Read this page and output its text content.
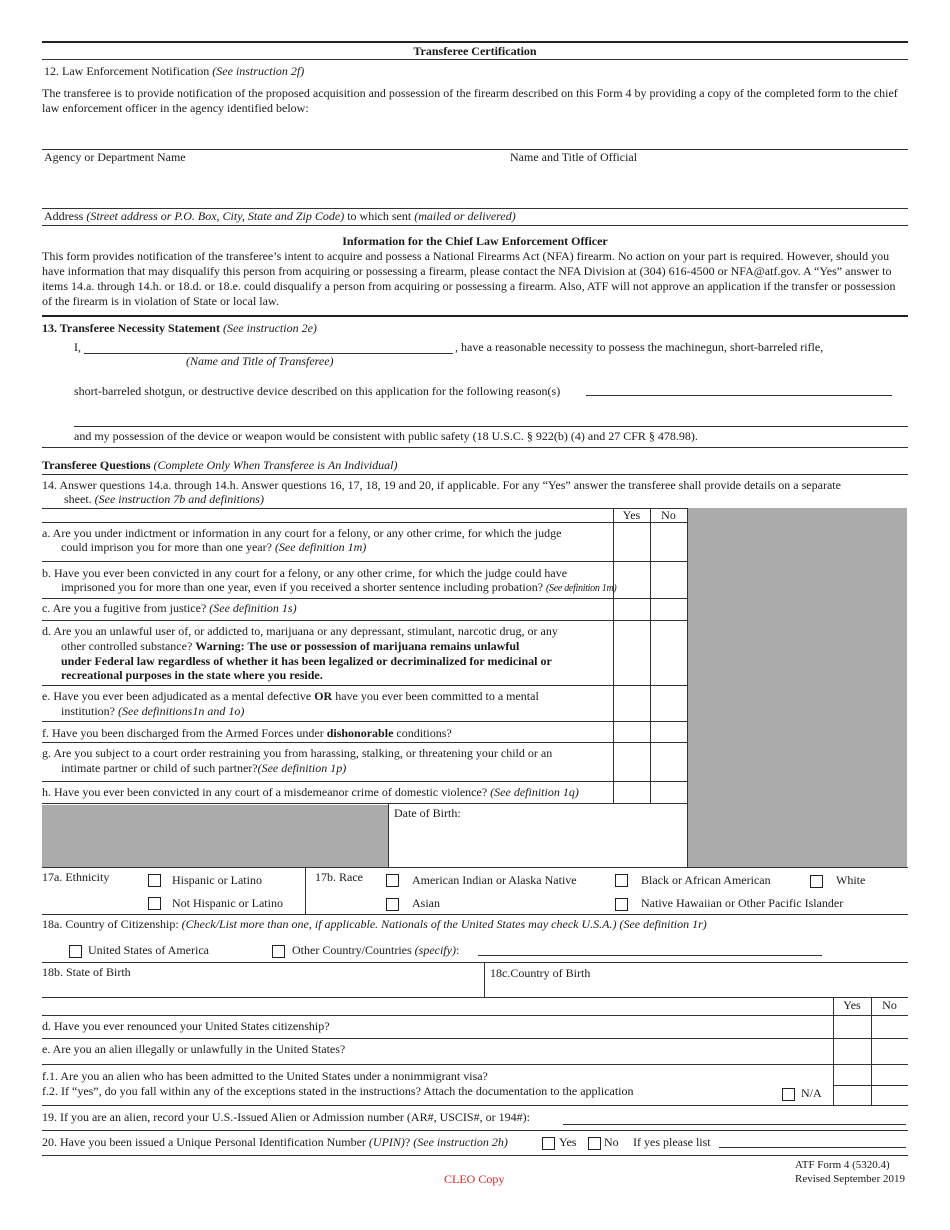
Transferee Certification
12. Law Enforcement Notification (See instruction 2f)
The transferee is to provide notification of the proposed acquisition and possession of the firearm described on this Form 4 by providing a copy of the completed form to the chief law enforcement officer in the agency identified below:
Agency or Department Name	Name and Title of Official
Address (Street address or P.O. Box, City, State and Zip Code) to which sent (mailed or delivered)
Information for the Chief Law Enforcement Officer
This form provides notification of the transferee’s intent to acquire and possess a National Firearms Act (NFA) firearm. No action on your part is required. However, should you have information that may disqualify this person from acquiring or possessing a firearm, please contact the NFA Division at (304) 616-4500 or NFA@atf.gov. A “Yes” answer to items 14.a. through 14.h. or 18.d. or 18.e. could disqualify a person from acquiring or possessing a firearm. Also, ATF will not approve an application if the transfer or possession of the firearm is in violation of State or local law.
13. Transferee Necessity Statement (See instruction 2e)
I,	, have a reasonable necessity to possess the machinegun, short-barreled rifle,
(Name and Title of Transferee)
short-barreled shotgun, or destructive device described on this application for the following reason(s)
and my possession of the device or weapon would be consistent with public safety (18 U.S.C. § 922(b) (4) and 27 CFR § 478.98).
Transferee Questions (Complete Only When Transferee is An Individual)
14. Answer questions 14.a. through 14.h. Answer questions 16, 17, 18, 19 and 20, if applicable. For any “Yes” answer the transferee shall provide details on a separate
sheet. (See instruction 7b and definitions)
Yes	No
a. Are you under indictment or information in any court for a felony, or any other crime, for which the judge
could imprison you for more than one year? (See definition 1m)
b. Have you ever been convicted in any court for a felony, or any other crime, for which the judge could have
imprisoned you for more than one year, even if you received a shorter sentence including probation? (See definition 1m)
c. Are you a fugitive from justice? (See definition 1s)
d. Are you an unlawful user of, or addicted to, marijuana or any depressant, stimulant, narcotic drug, or any
other controlled substance? Warning: The use or possession of marijuana remains unlawful
under Federal law regardless of whether it has been legalized or decriminalized for medicinal or
recreational purposes in the state where you reside.
e. Have you ever been adjudicated as a mental defective OR have you ever been committed to a mental
institution? (See definitions1n and 1o)
f. Have you been discharged from the Armed Forces under dishonorable conditions?
g. Are you subject to a court order restraining you from harassing, stalking, or threatening your child or an
intimate partner or child of such partner?(See definition 1p)
h. Have you ever been convicted in any court of a misdemeanor crime of domestic violence? (See definition 1q)
Date of Birth:
17a. Ethnicity	Hispanic or Latino
Not Hispanic or Latino
17b. Race	American Indian or Alaska Native	Black or African American	White
Asian	Native Hawaiian or Other Pacific Islander
18a. Country of Citizenship: (Check/List more than one, if applicable. Nationals of the United States may check U.S.A.) (See definition 1r)
United States of America	Other Country/Countries (specify):
18b. State of Birth	18c.Country of Birth
Yes	No
d. Have you ever renounced your United States citizenship?
e. Are you an alien illegally or unlawfully in the United States?
f.1. Are you an alien who has been admitted to the United States under a nonimmigrant visa?
f.2. If “yes”, do you fall within any of the exceptions stated in the instructions? Attach the documentation to the application	N/A
19. If you are an alien, record your U.S.-Issued Alien or Admission number (AR#, USCIS#, or 194#):
20. Have you been issued a Unique Personal Identification Number (UPIN)? (See instruction 2h)	Yes No If yes please list
CLEO Copy
ATF Form 4 (5320.4)
Revised September 2019
